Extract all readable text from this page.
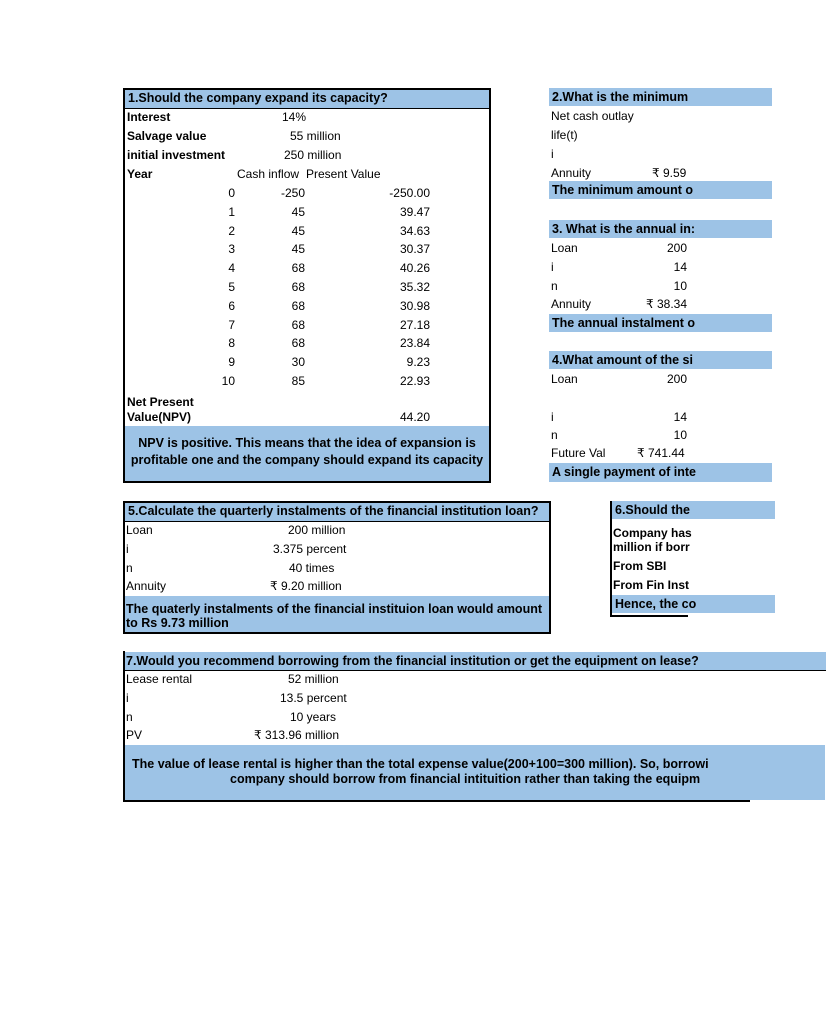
1.Should the company expand its capacity?
Interest	14%
Salvage value	55 million
initial investment	250 million
Year	Cash inflow Present Value
0	-250	-250.00
1	45	39.47
2	45	34.63
3	45	30.37
4	68	40.26
5	68	35.32
6	68	30.98
7	68	27.18
8	68	23.84
9	30	9.23
10	85	22.93
Net Present
Value(NPV)	44.20
NPV is positive. This means that the idea of expansion is
profitable one and the company should expand its capacity
2.What is the minimum
Net cash outlay
life(t)
i
Annuity	₹ 9.59
The minimum amount o
3. What is the annual in:
Loan	200
i	14
n	10
Annuity	₹ 38.34
The annual instalment o
4.What amount of the si
Loan	200
i	14
n	10
Future Val	₹ 741.44
A single payment of inte
5.Calculate the quarterly instalments of the financial institution loan?
Loan	200 million
i	3.375 percent
n	40 times
Annuity	₹ 9.20 million
The quaterly instalments of the financial instituion loan would amount
to Rs 9.73 million
6.Should the
Company has
million if borr
From SBI
From Fin Inst
Hence, the co
7.Would you recommend borrowing from the financial institution or get the equipment on lease?
Lease rental	52 million
i	13.5 percent
n	10 years
PV	₹ 313.96 million
The value of lease rental is higher than the total expense value(200+100=300 million). So, borrowi
company should borrow from financial intituition rather than taking the equipm
